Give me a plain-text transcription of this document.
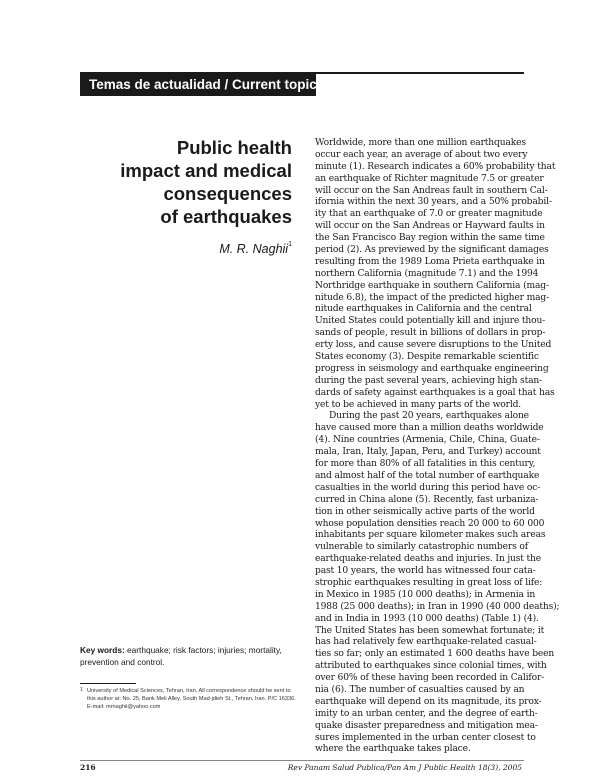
Temas de actualidad / Current topics
Public health
impact and medical
consequences
of earthquakes
M. R. Naghii$^1$
Key words: earthquake; risk factors; injuries; mortality, prevention and control.
1 University of Medical Sciences, Tehran, Iran. All correspondence should be sent to this author at: No. 25, Bank Meli Alley, South Mad-jdieh St., Tehran, Iran. P/C 16336. E-mail: mrnaghii@yahoo.com
Worldwide, more than one million earthquakes
occur each year, an average of about two every
minute (1). Research indicates a 60% probability that
an earthquake of Richter magnitude 7.5 or greater
will occur on the San Andreas fault in southern Cal-
ifornia within the next 30 years, and a 50% probabil-
ity that an earthquake of 7.0 or greater magnitude
will occur on the San Andreas or Hayward faults in
the San Francisco Bay region within the same time
period (2). As previewed by the significant damages
resulting from the 1989 Loma Prieta earthquake in
northern California (magnitude 7.1) and the 1994
Northridge earthquake in southern California (mag-
nitude 6.8), the impact of the predicted higher mag-
nitude earthquakes in California and the central
United States could potentially kill and injure thou-
sands of people, result in billions of dollars in prop-
erty loss, and cause severe disruptions to the United
States economy (3). Despite remarkable scientific
progress in seismology and earthquake engineering
during the past several years, achieving high stan-
dards of safety against earthquakes is a goal that has
yet to be achieved in many parts of the world.
During the past 20 years, earthquakes alone
have caused more than a million deaths worldwide
(4). Nine countries (Armenia, Chile, China, Guate-
mala, Iran, Italy, Japan, Peru, and Turkey) account
for more than 80% of all fatalities in this century,
and almost half of the total number of earthquake
casualties in the world during this period have oc-
curred in China alone (5). Recently, fast urbaniza-
tion in other seismically active parts of the world
whose population densities reach 20 000 to 60 000
inhabitants per square kilometer makes such areas
vulnerable to similarly catastrophic numbers of
earthquake-related deaths and injuries. In just the
past 10 years, the world has witnessed four cata-
strophic earthquakes resulting in great loss of life:
in Mexico in 1985 (10 000 deaths); in Armenia in
1988 (25 000 deaths); in Iran in 1990 (40 000 deaths);
and in India in 1993 (10 000 deaths) (Table 1) (4).
The United States has been somewhat fortunate; it
has had relatively few earthquake-related casual-
ties so far; only an estimated 1 600 deaths have been
attributed to earthquakes since colonial times, with
over 60% of these having been recorded in Califor-
nia (6). The number of casualties caused by an
earthquake will depend on its magnitude, its prox-
imity to an urban center, and the degree of earth-
quake disaster preparedness and mitigation mea-
sures implemented in the urban center closest to
where the earthquake takes place.
216	Rev Panam Salud Publica/Pan Am J Public Health 18(3), 2005
